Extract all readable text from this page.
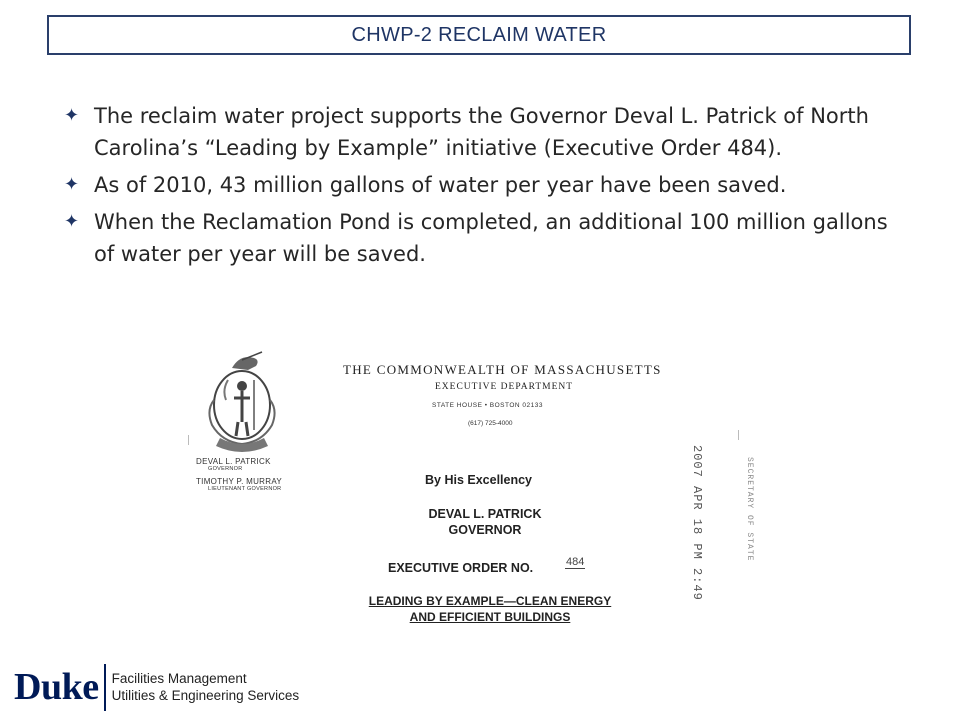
CHWP-2 RECLAIM WATER
✦ The reclaim water project supports the Governor Deval L. Patrick of North Carolina’s “Leading by Example” initiative (Executive Order 484).
✦ As of 2010, 43 million gallons of water per year have been saved.
✦ When the Reclamation Pond is completed, an additional 100 million gallons of water per year will be saved.
DEVAL L. PATRICK
GOVERNOR
TIMOTHY P. MURRAY
LIEUTENANT GOVERNOR
THE COMMONWEALTH OF MASSACHUSETTS
EXECUTIVE DEPARTMENT
STATE HOUSE • BOSTON 02133
(617) 725-4000
By His Excellency
DEVAL L. PATRICK
GOVERNOR
EXECUTIVE ORDER NO.	484
LEADING BY EXAMPLE—CLEAN ENERGY
AND EFFICIENT BUILDINGS
2007 APR 18 PM 2:49	SECRETARY OF STATE
Duke Facilities Management
Utilities & Engineering Services
